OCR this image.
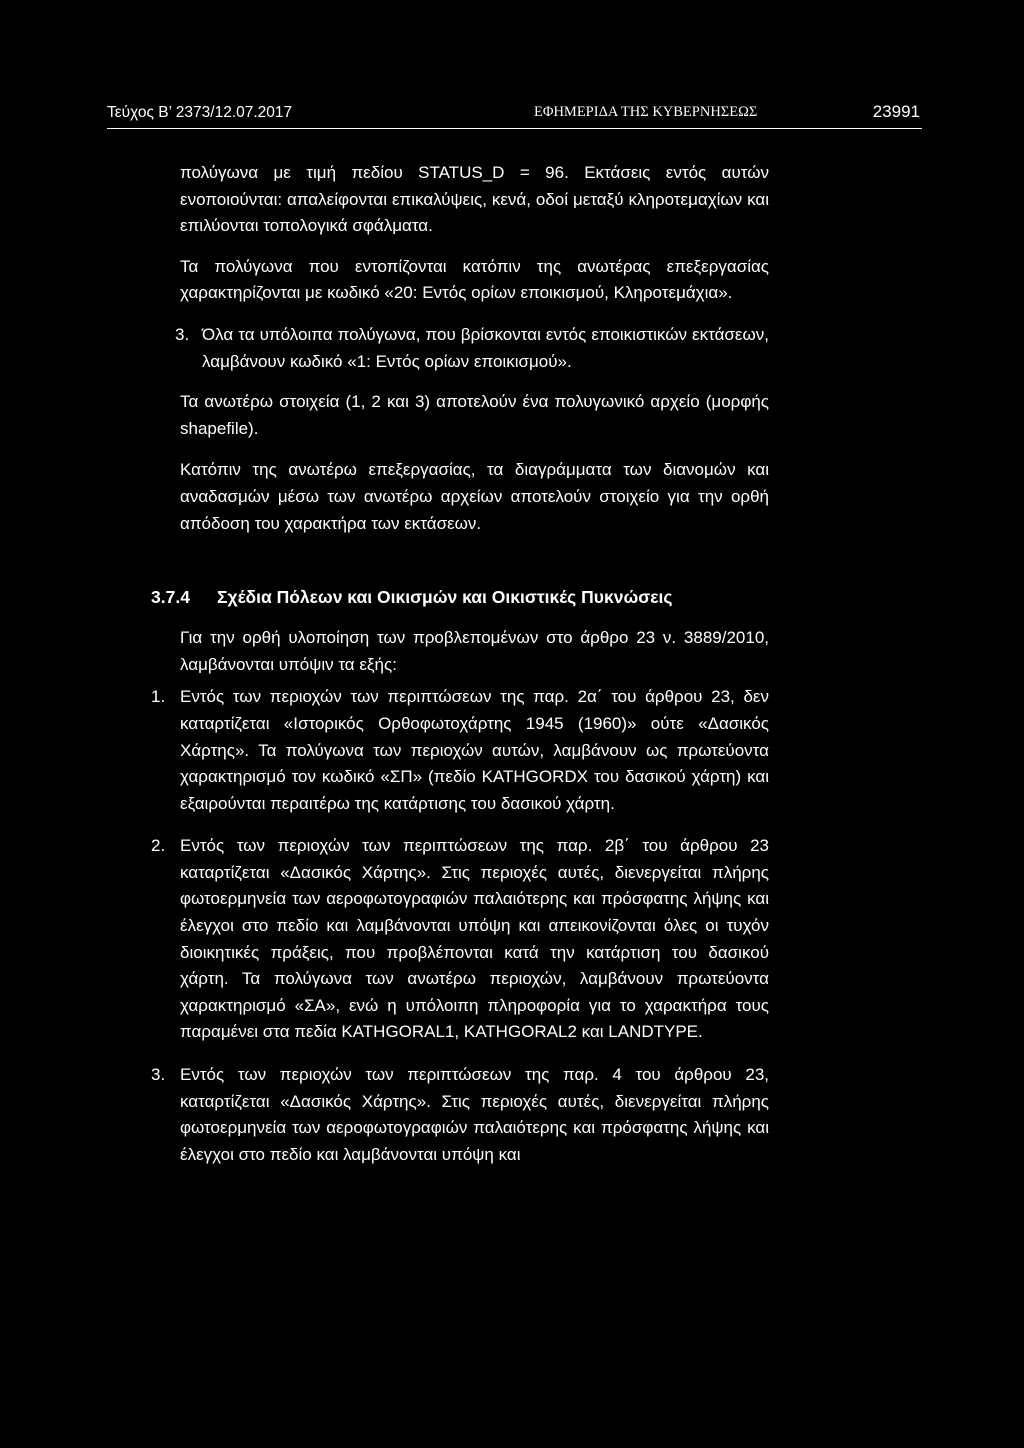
Τεύχος Β’ 2373/12.07.2017	ΕΦΗΜΕΡΙΔΑ ΤΗΣ ΚΥΒΕΡΝΗΣΕΩΣ	23991

πολύγωνα με τιμή πεδίου STATUS_D = 96. Εκτάσεις εντός αυτών ενοποιούνται: απαλείφονται επικαλύψεις, κενά, οδοί μεταξύ κληροτεμαχίων και επιλύονται τοπολογικά σφάλματα.

Τα πολύγωνα που εντοπίζονται κατόπιν της ανωτέρας επεξεργασίας χαρακτηρίζονται με κωδικό «20: Εντός ορίων εποικισμού, Κληροτεμάχια».

3. Όλα τα υπόλοιπα πολύγωνα, που βρίσκονται εντός εποικιστικών εκτάσεων, λαμβάνουν κωδικό «1: Εντός ορίων εποικισμού».

Τα ανωτέρω στοιχεία (1, 2 και 3) αποτελούν ένα πολυγωνικό αρχείο (μορφής shapefile).

Κατόπιν της ανωτέρω επεξεργασίας, τα διαγράμματα των διανομών και αναδασμών μέσω των ανωτέρω αρχείων αποτελούν στοιχείο για την ορθή απόδοση του χαρακτήρα των εκτάσεων.

3.7.4 Σχέδια Πόλεων και Οικισμών και Οικιστικές Πυκνώσεις

Για την ορθή υλοποίηση των προβλεπομένων στο άρθρο 23 ν. 3889/2010, λαμβάνονται υπόψιν τα εξής:

1. Εντός των περιοχών των περιπτώσεων της παρ. 2α΄ του άρθρου 23, δεν καταρτίζεται «Ιστορικός Ορθοφωτοχάρτης 1945 (1960)» ούτε «Δασικός Χάρτης». Τα πολύγωνα των περιοχών αυτών, λαμβάνουν ως πρωτεύοντα χαρακτηρισμό τον κωδικό «ΣΠ» (πεδίο KATHGORDX του δασικού χάρτη) και εξαιρούνται περαιτέρω της κατάρτισης του δασικού χάρτη.
2. Εντός των περιοχών των περιπτώσεων της παρ. 2β΄ του άρθρου 23 καταρτίζεται «Δασικός Χάρτης». Στις περιοχές αυτές, διενεργείται πλήρης φωτοερμηνεία των αεροφωτογραφιών παλαιότερης και πρόσφατης λήψης και έλεγχοι στο πεδίο και λαμβάνονται υπόψη και απεικονίζονται όλες οι τυχόν διοικητικές πράξεις, που προβλέπονται κατά την κατάρτιση του δασικού χάρτη. Τα πολύγωνα των ανωτέρω περιοχών, λαμβάνουν πρωτεύοντα χαρακτηρισμό «ΣΑ», ενώ η υπόλοιπη πληροφορία για το χαρακτήρα τους παραμένει στα πεδία KATHGORAL1, KATHGORAL2 και LANDTYPE.
3. Εντός των περιοχών των περιπτώσεων της παρ. 4 του άρθρου 23, καταρτίζεται «Δασικός Χάρτης». Στις περιοχές αυτές, διενεργείται πλήρης φωτοερμηνεία των αεροφωτογραφιών παλαιότερης και πρόσφατης λήψης και έλεγχοι στο πεδίο και λαμβάνονται υπόψη και
